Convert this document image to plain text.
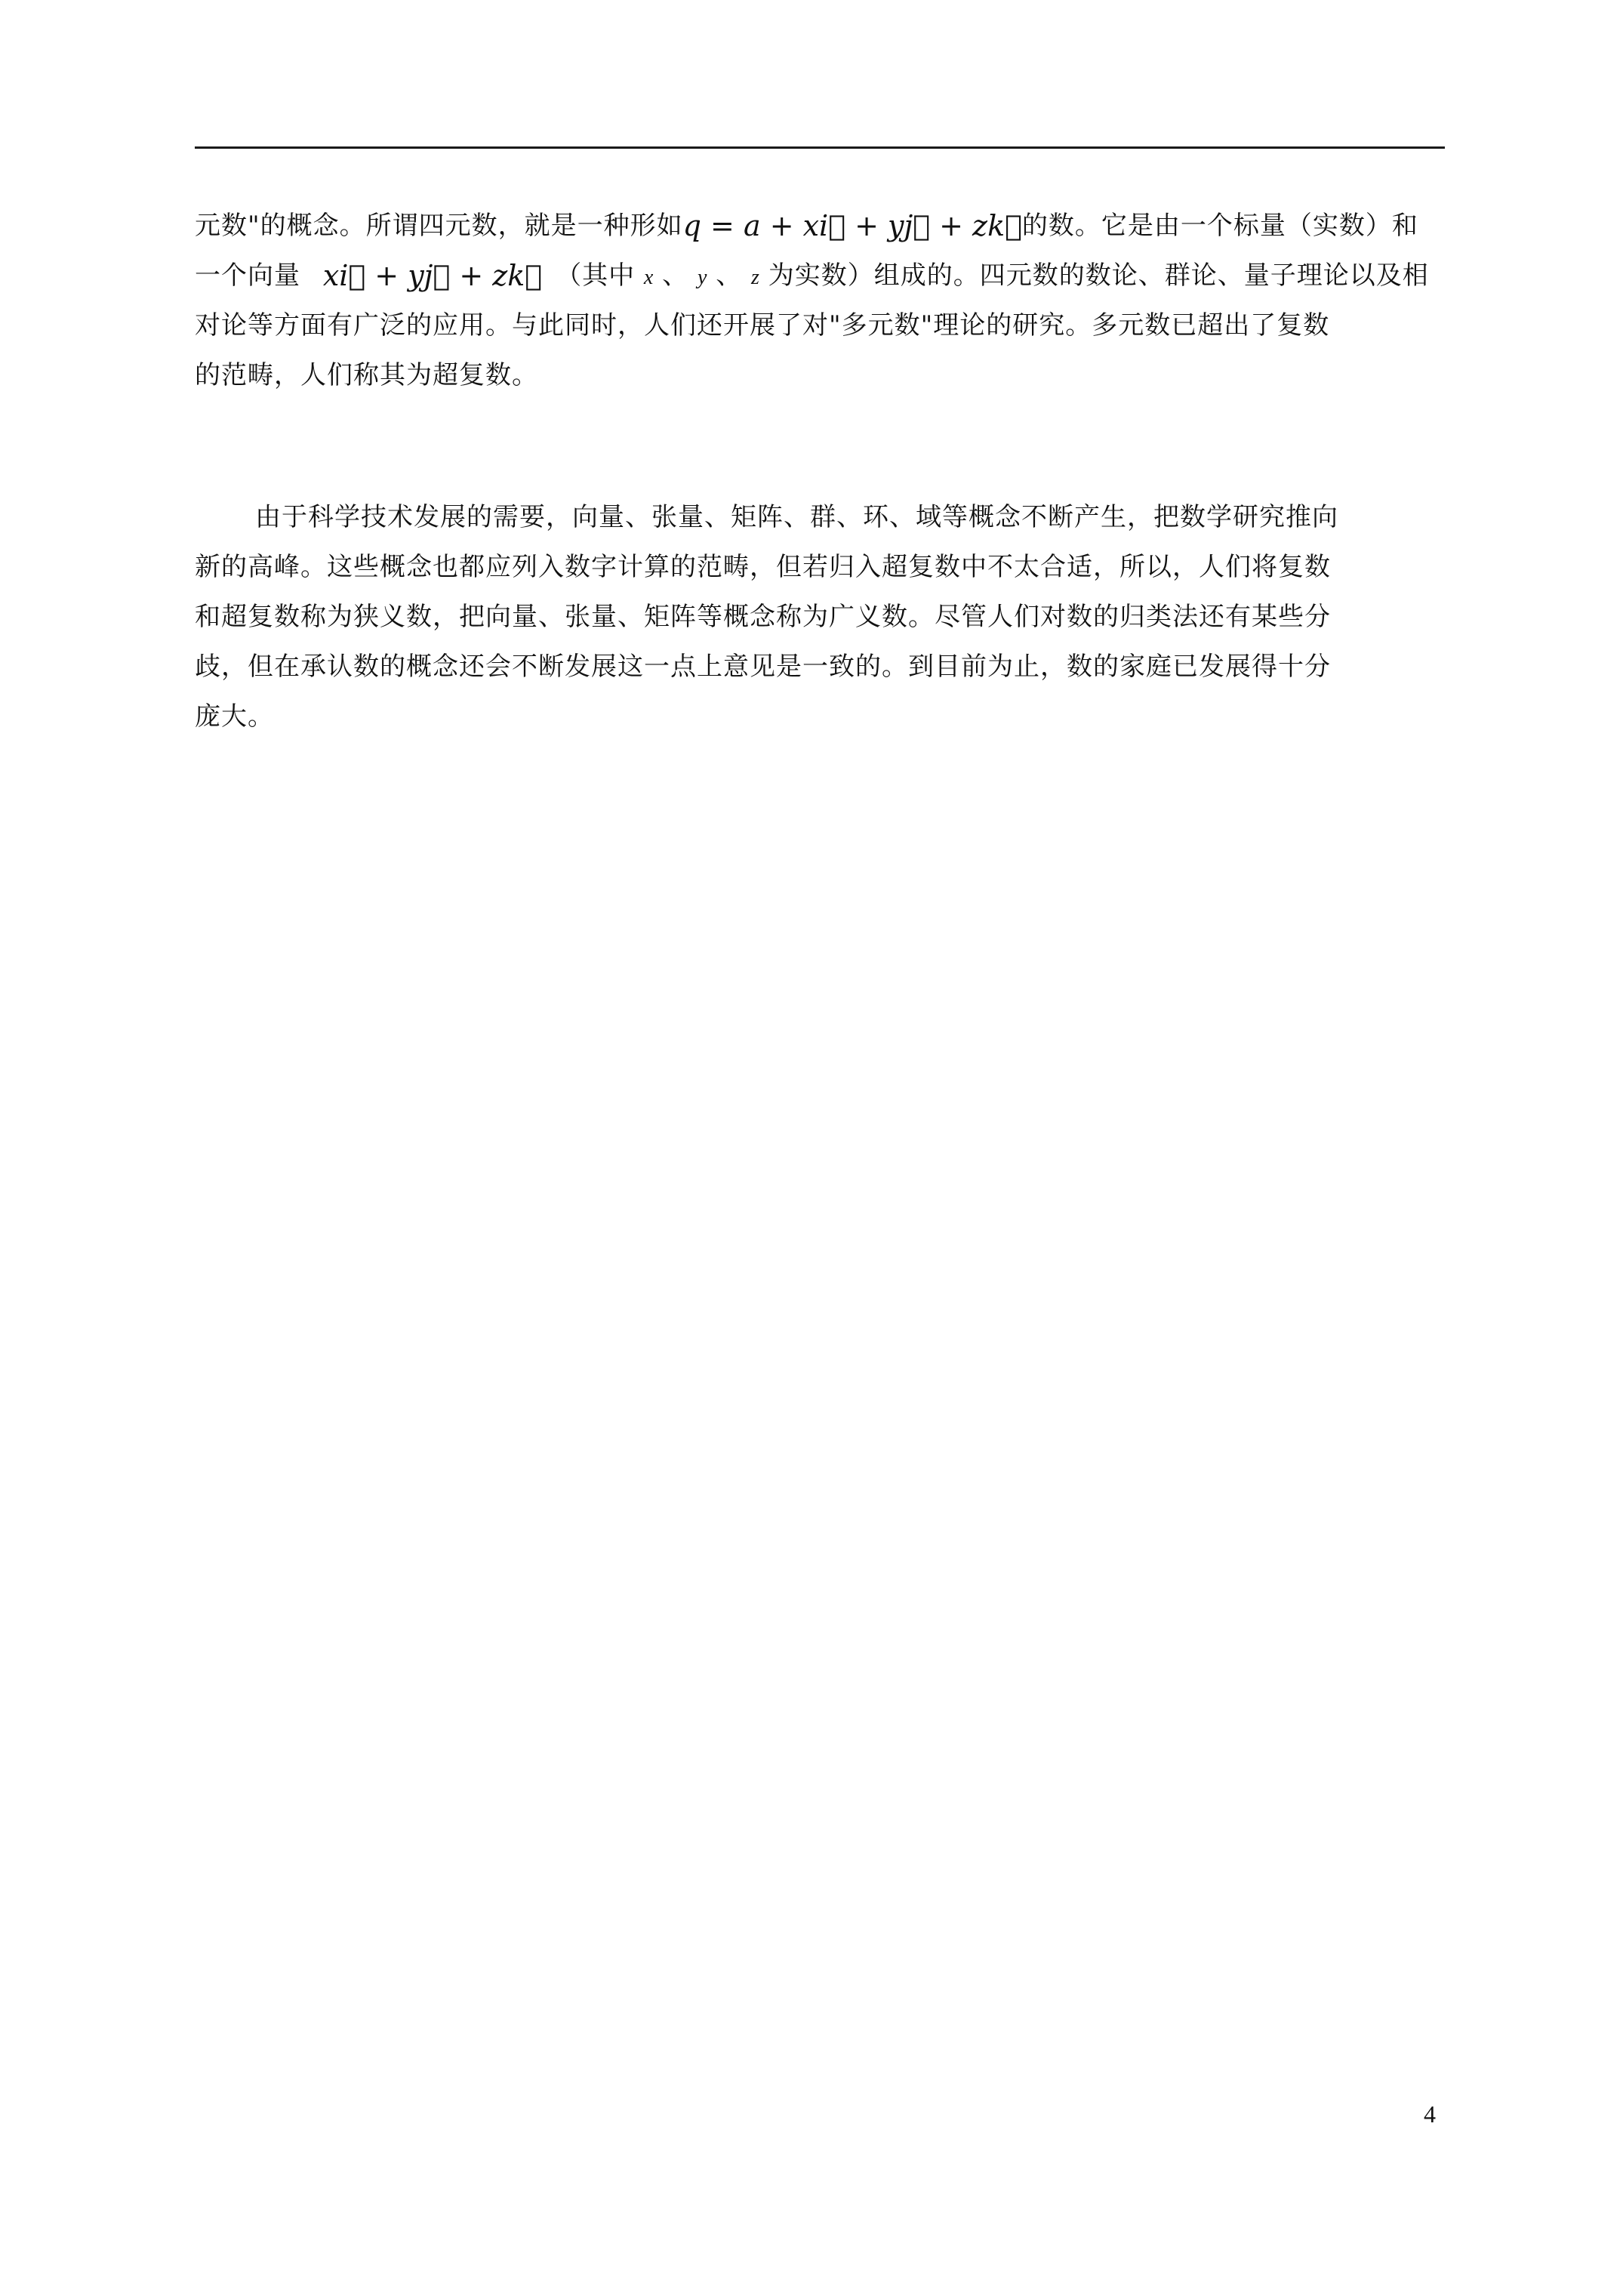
元数"的概念。所谓四元数，就是一种形如q = a + xi⃗ + yj⃗ + zk⃗的数。它是由一个标量（实数）和
一个向量 xi⃗ + yj⃗ + zk⃗ （其中 x 、 y 、 z 为实数）组成的。四元数的数论、群论、量子理论以及相
对论等方面有广泛的应用。与此同时，人们还开展了对"多元数"理论的研究。多元数已超出了复数
的范畴，人们称其为超复数。
由于科学技术发展的需要，向量、张量、矩阵、群、环、域等概念不断产生，把数学研究推向
新的高峰。这些概念也都应列入数字计算的范畴，但若归入超复数中不太合适，所以，人们将复数
和超复数称为狭义数，把向量、张量、矩阵等概念称为广义数。尽管人们对数的归类法还有某些分
歧，但在承认数的概念还会不断发展这一点上意见是一致的。到目前为止，数的家庭已发展得十分
庞大。
4
